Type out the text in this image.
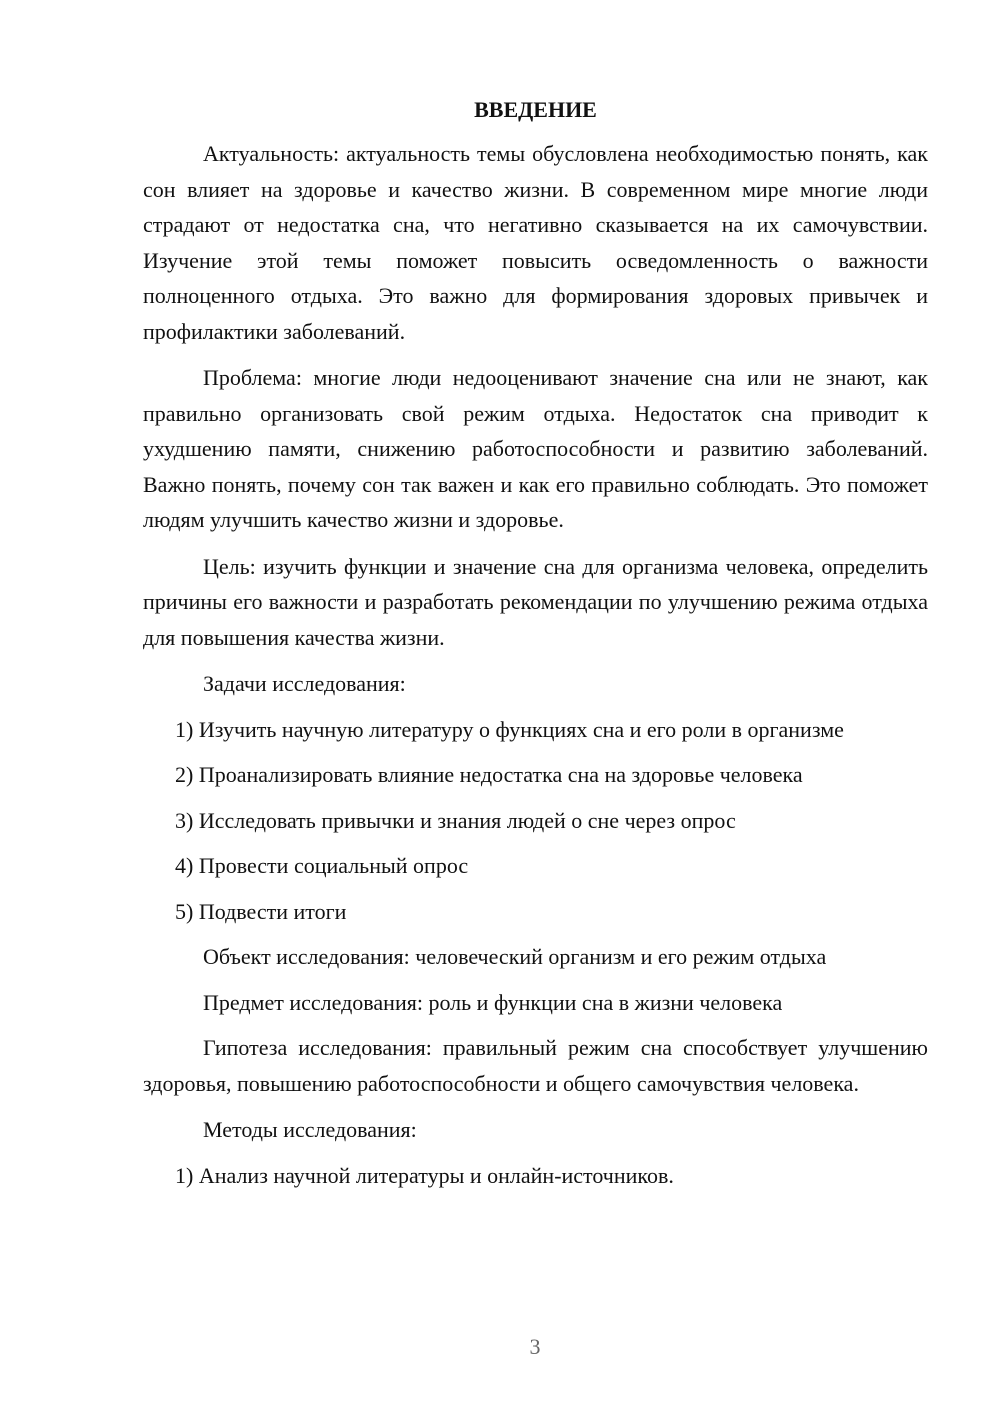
ВВЕДЕНИЕ

Актуальность: актуальность темы обусловлена необходимостью понять, как сон влияет на здоровье и качество жизни. В современном мире многие люди страдают от недостатка сна, что негативно сказывается на их самочувствии. Изучение этой темы поможет повысить осведомленность о важности полноценного отдыха. Это важно для формирования здоровых привычек и профилактики заболеваний.

Проблема: многие люди недооценивают значение сна или не знают, как правильно организовать свой режим отдыха. Недостаток сна приводит к ухудшению памяти, снижению работоспособности и развитию заболеваний. Важно понять, почему сон так важен и как его правильно соблюдать. Это поможет людям улучшить качество жизни и здоровье.

Цель: изучить функции и значение сна для организма человека, определить причины его важности и разработать рекомендации по улучшению режима отдыха для повышения качества жизни.

Задачи исследования:

1) Изучить научную литературу о функциях сна и его роли в организме

2) Проанализировать влияние недостатка сна на здоровье человека

3) Исследовать привычки и знания людей о сне через опрос

4) Провести социальный опрос

5) Подвести итоги

Объект исследования: человеческий организм и его режим отдыха

Предмет исследования: роль и функции сна в жизни человека

Гипотеза исследования: правильный режим сна способствует улучшению здоровья, повышению работоспособности и общего самочувствия человека.

Методы исследования:

1) Анализ научной литературы и онлайн-источников.

3
